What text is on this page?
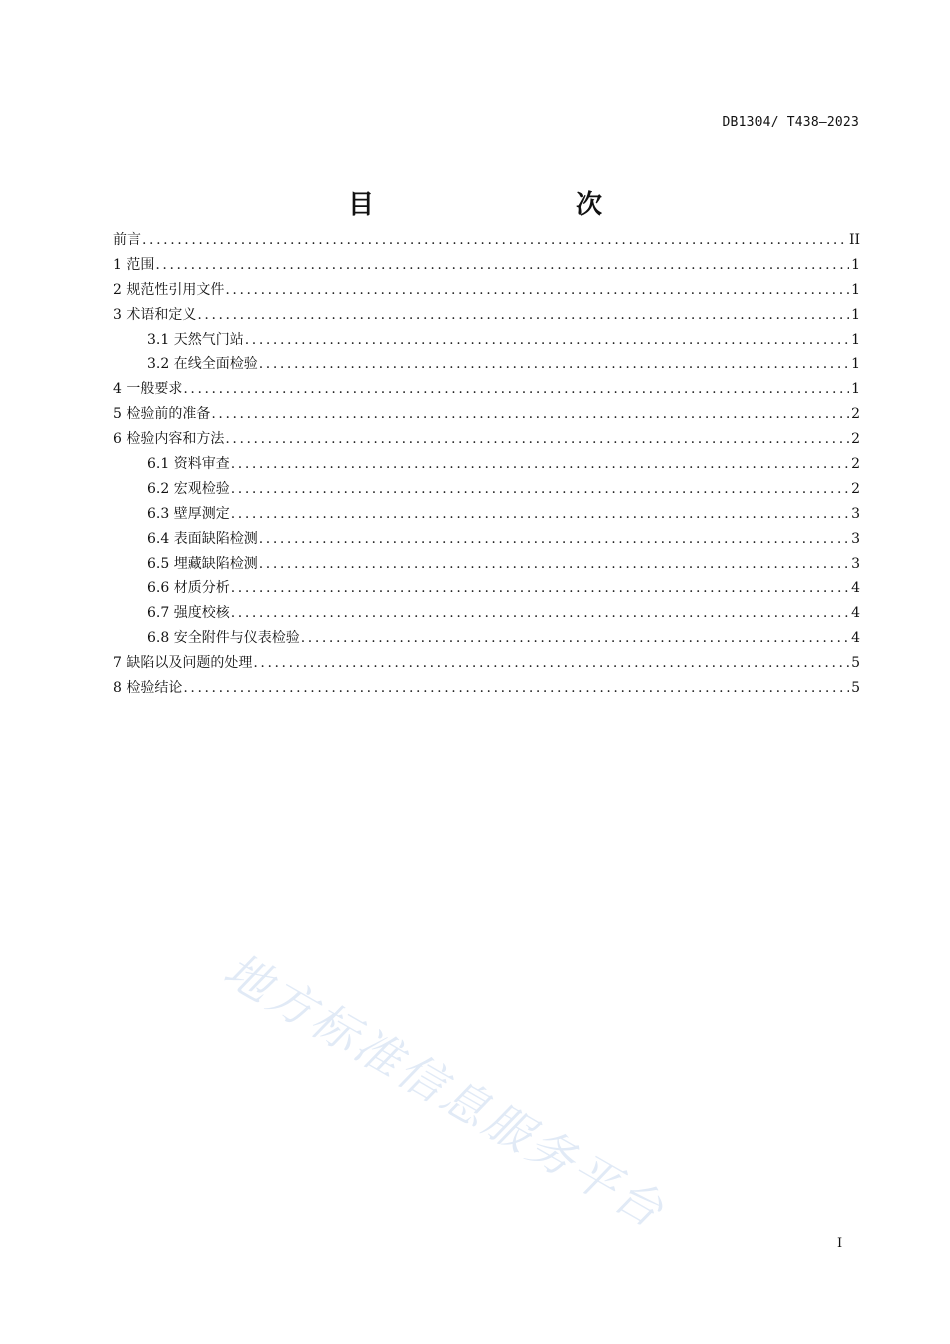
DB1304/ T438—2023
目　　次
前言 .....	II
1 范围 .....	1
2 规范性引用文件 .....	1
3 术语和定义 .....	1
3.1 天然气门站 .....	1
3.2 在线全面检验 .....	1
4 一般要求 .....	1
5 检验前的准备 .....	2
6 检验内容和方法 .....	2
6.1 资料审查 .....	2
6.2 宏观检验 .....	2
6.3 壁厚测定 .....	3
6.4 表面缺陷检测 .....	3
6.5 埋藏缺陷检测 .....	3
6.6 材质分析 .....	4
6.7 强度校核 .....	4
6.8 安全附件与仪表检验 .....	4
7 缺陷以及问题的处理 .....	5
8 检验结论 .....	5
地方标准信息服务平台
I
